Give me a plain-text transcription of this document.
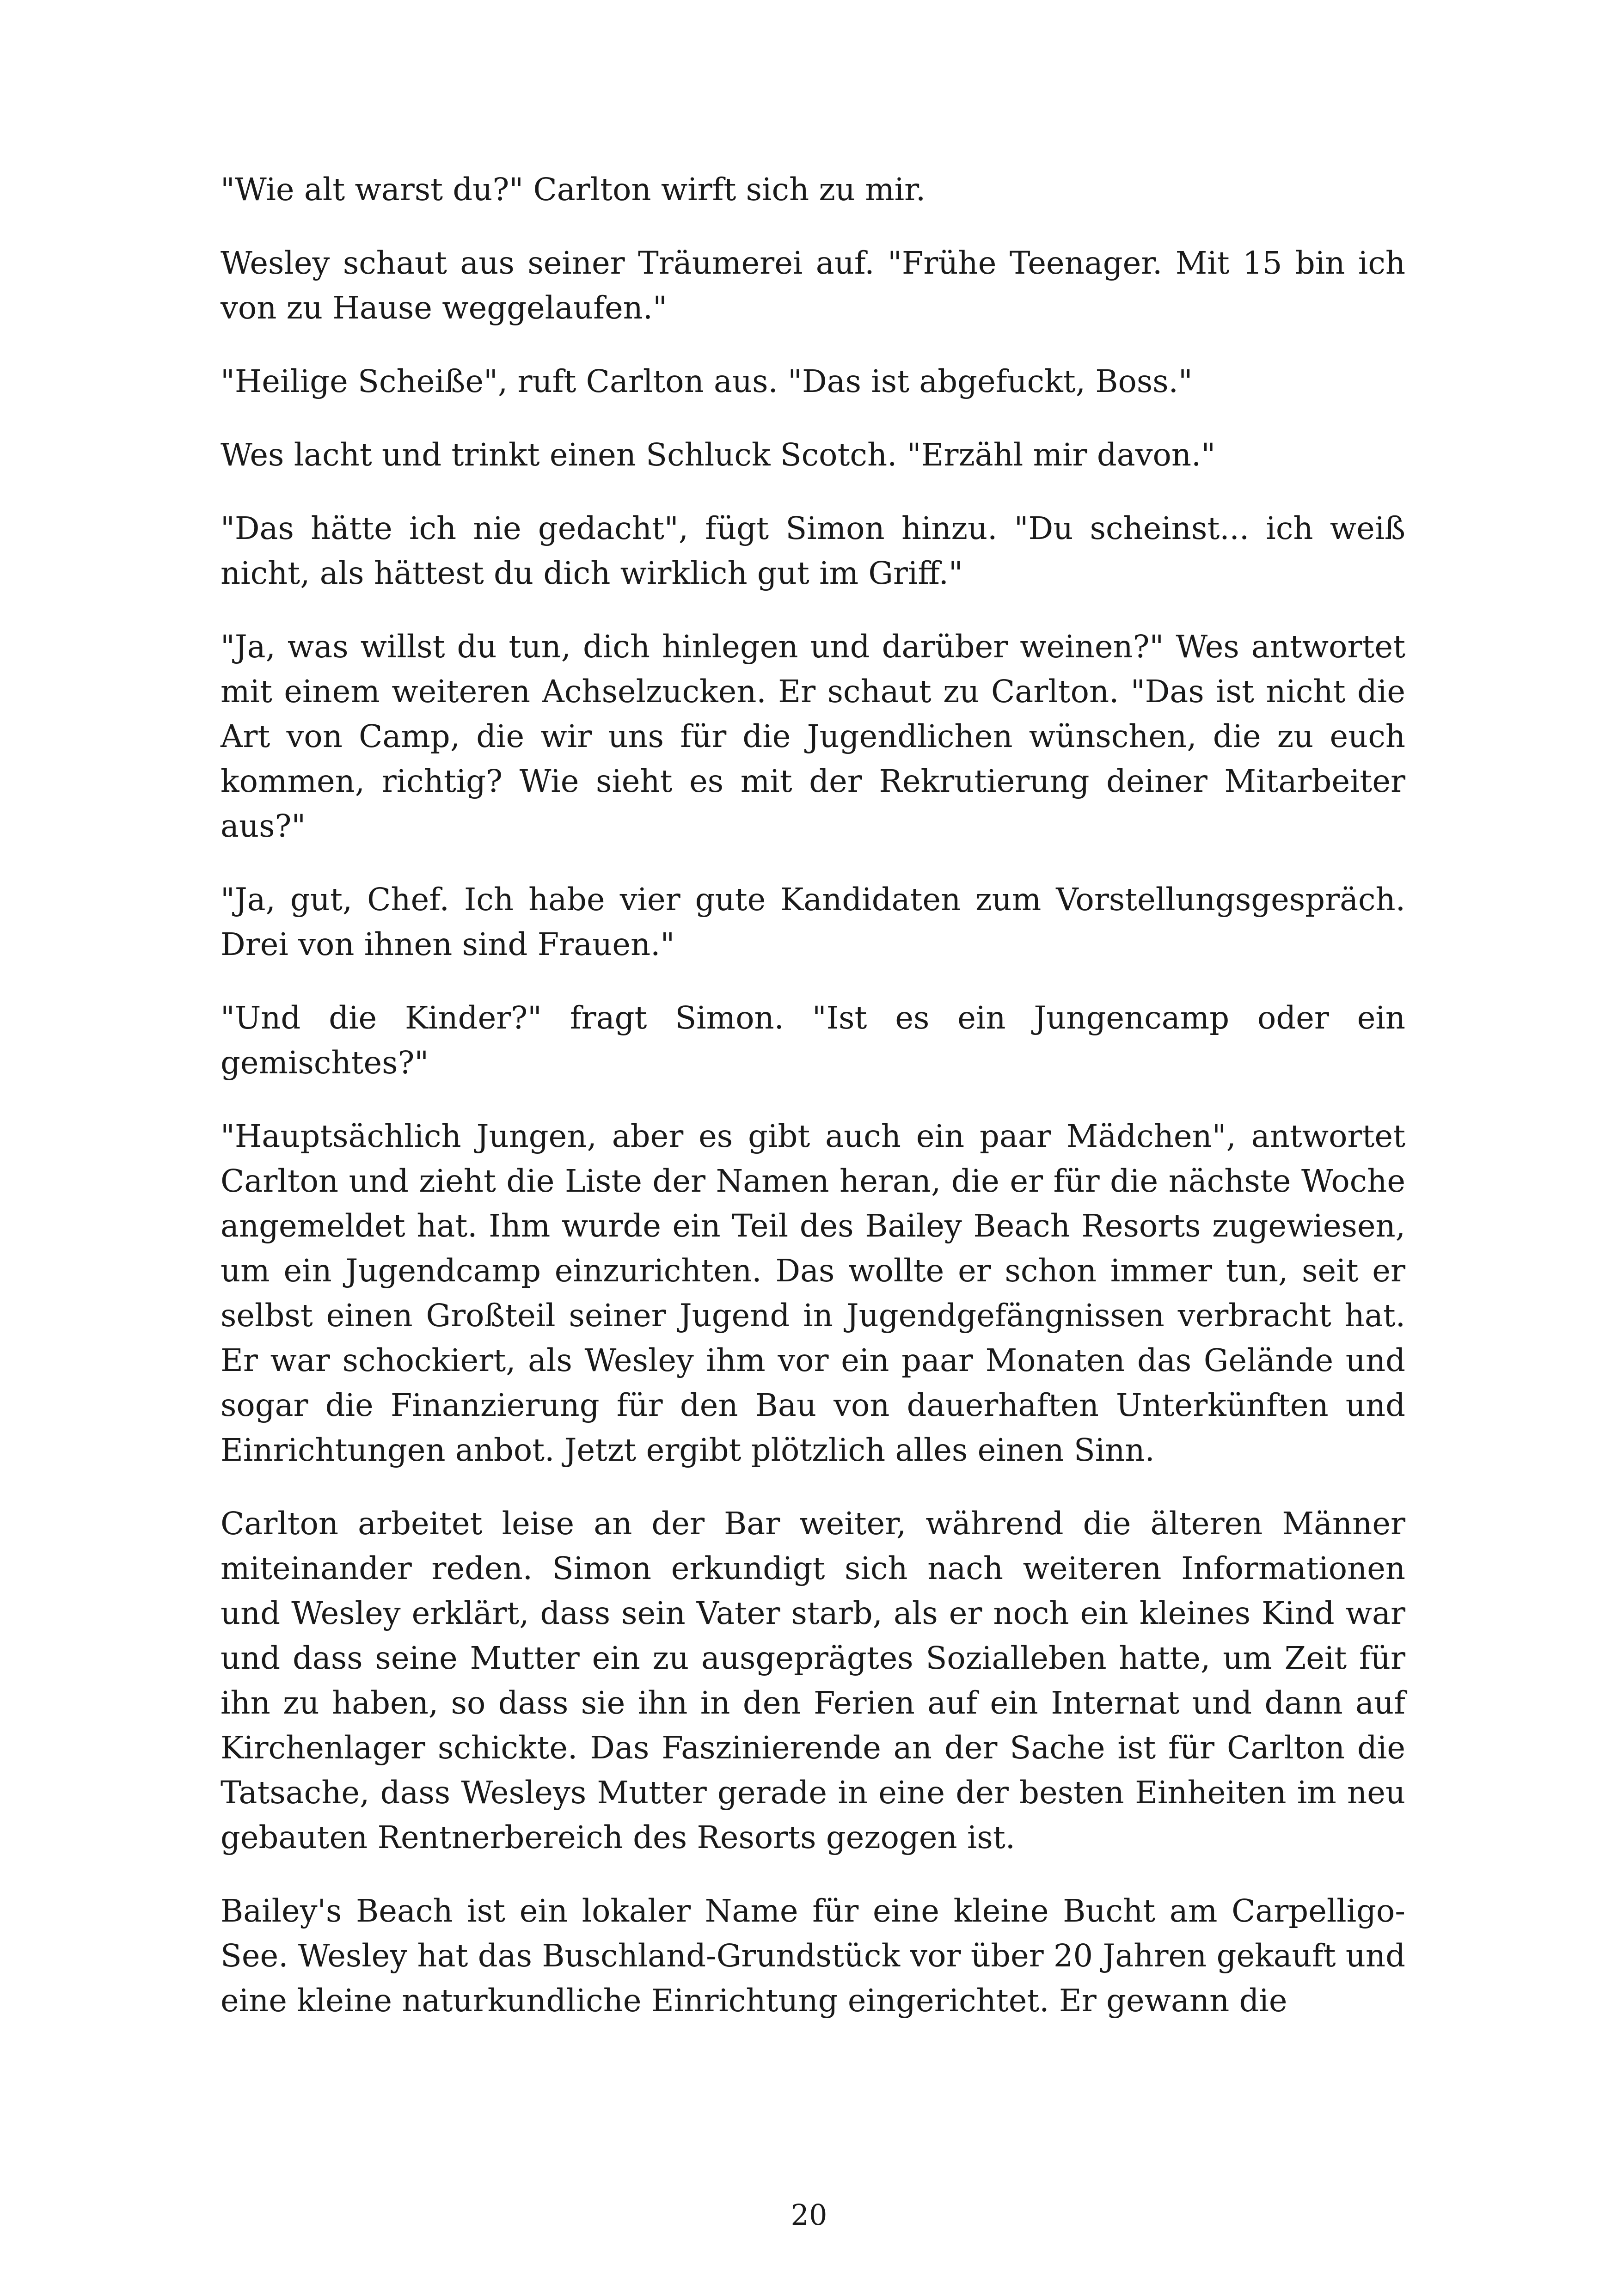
"Wie alt warst du?" Carlton wirft sich zu mir.

Wesley schaut aus seiner Träumerei auf. "Frühe Teenager. Mit 15 bin ich von zu Hause weggelaufen."

"Heilige Scheiße", ruft Carlton aus. "Das ist abgefuckt, Boss."

Wes lacht und trinkt einen Schluck Scotch. "Erzähl mir davon."

"Das hätte ich nie gedacht", fügt Simon hinzu. "Du scheinst... ich weiß nicht, als hättest du dich wirklich gut im Griff."

"Ja, was willst du tun, dich hinlegen und darüber weinen?" Wes antwortet mit einem weiteren Achselzucken. Er schaut zu Carlton. "Das ist nicht die Art von Camp, die wir uns für die Jugendlichen wünschen, die zu euch kommen, richtig? Wie sieht es mit der Rekrutierung deiner Mitarbeiter aus?"

"Ja, gut, Chef. Ich habe vier gute Kandidaten zum Vorstellungsgespräch. Drei von ihnen sind Frauen."

"Und die Kinder?" fragt Simon. "Ist es ein Jungencamp oder ein gemischtes?"

"Hauptsächlich Jungen, aber es gibt auch ein paar Mädchen", antwortet Carlton und zieht die Liste der Namen heran, die er für die nächste Woche angemeldet hat. Ihm wurde ein Teil des Bailey Beach Resorts zugewiesen, um ein Jugendcamp einzurichten. Das wollte er schon immer tun, seit er selbst einen Großteil seiner Jugend in Jugendgefängnissen verbracht hat. Er war schockiert, als Wesley ihm vor ein paar Monaten das Gelände und sogar die Finanzierung für den Bau von dauerhaften Unterkünften und Einrichtungen anbot. Jetzt ergibt plötzlich alles einen Sinn.

Carlton arbeitet leise an der Bar weiter, während die älteren Männer miteinander reden. Simon erkundigt sich nach weiteren Informationen und Wesley erklärt, dass sein Vater starb, als er noch ein kleines Kind war und dass seine Mutter ein zu ausgeprägtes Sozialleben hatte, um Zeit für ihn zu haben, so dass sie ihn in den Ferien auf ein Internat und dann auf Kirchenlager schickte. Das Faszinierende an der Sache ist für Carlton die Tatsache, dass Wesleys Mutter gerade in eine der besten Einheiten im neu gebauten Rentnerbereich des Resorts gezogen ist.

Bailey's Beach ist ein lokaler Name für eine kleine Bucht am Carpelligo-See. Wesley hat das Buschland-Grundstück vor über 20 Jahren gekauft und eine kleine naturkundliche Einrichtung eingerichtet. Er gewann die

20
